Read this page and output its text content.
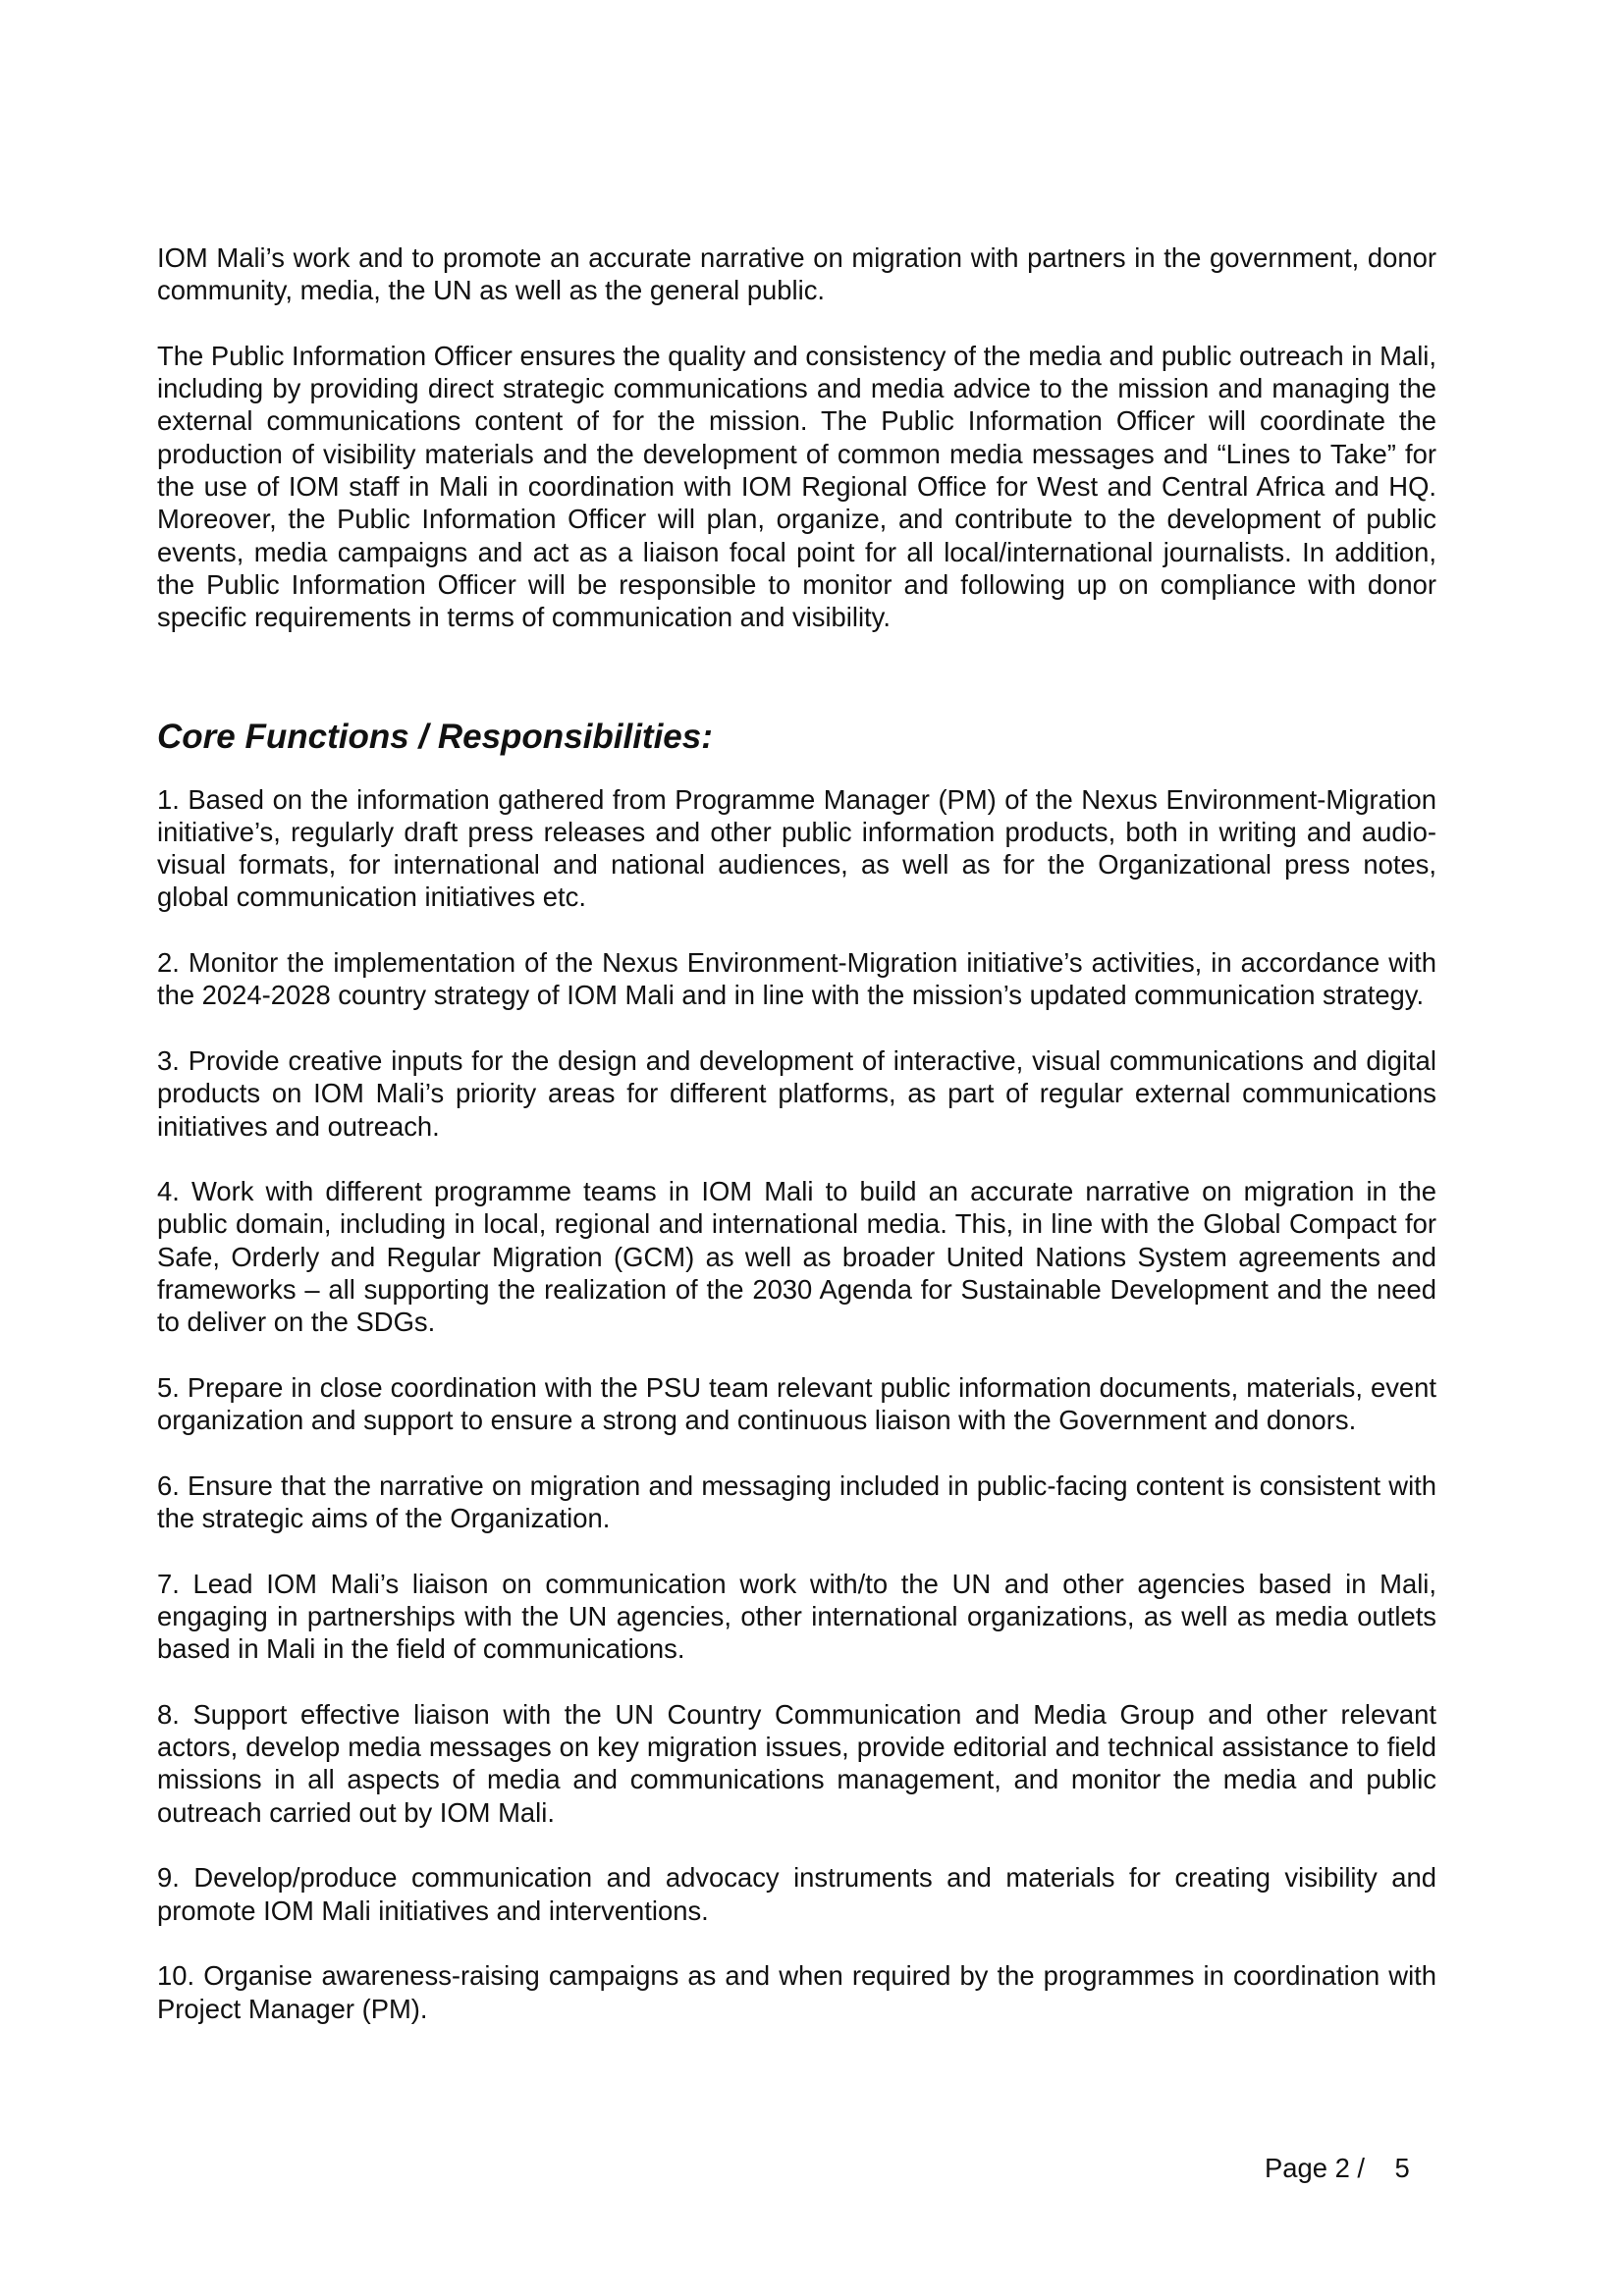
IOM Mali’s work and to promote an accurate narrative on migration with partners in the government, donor community, media, the UN as well as the general public.

The Public Information Officer ensures the quality and consistency of the media and public outreach in Mali, including by providing direct strategic communications and media advice to the mission and managing the external communications content of for the mission. The Public Information Officer will coordinate the production of visibility materials and the development of common media messages and “Lines to Take” for the use of IOM staff in Mali in coordination with IOM Regional Office for West and Central Africa and HQ. Moreover, the Public Information Officer will plan, organize, and contribute to the development of public events, media campaigns and act as a liaison focal point for all local/international journalists. In addition, the Public Information Officer will be responsible to monitor and following up on compliance with donor specific requirements in terms of communication and visibility.

Core Functions / Responsibilities:

1. Based on the information gathered from Programme Manager (PM) of the Nexus Environment-Migration initiative’s, regularly draft press releases and other public information products, both in writing and audio-visual formats, for international and national audiences, as well as for the Organizational press notes, global communication initiatives etc.

2. Monitor the implementation of the Nexus Environment-Migration initiative’s activities, in accordance with the 2024-2028 country strategy of IOM Mali and in line with the mission’s updated communication strategy.

3. Provide creative inputs for the design and development of interactive, visual communications and digital products on IOM Mali’s priority areas for different platforms, as part of regular external communications initiatives and outreach.

4. Work with different programme teams in IOM Mali to build an accurate narrative on migration in the public domain, including in local, regional and international media. This, in line with the Global Compact for Safe, Orderly and Regular Migration (GCM) as well as broader United Nations System agreements and frameworks – all supporting the realization of the 2030 Agenda for Sustainable Development and the need to deliver on the SDGs.

5. Prepare in close coordination with the PSU team relevant public information documents, materials, event organization and support to ensure a strong and continuous liaison with the Government and donors.

6. Ensure that the narrative on migration and messaging included in public-facing content is consistent with the strategic aims of the Organization.

7. Lead IOM Mali’s liaison on communication work with/to the UN and other agencies based in Mali, engaging in partnerships with the UN agencies, other international organizations, as well as media outlets based in Mali in the field of communications.

8. Support effective liaison with the UN Country Communication and Media Group and other relevant actors, develop media messages on key migration issues, provide editorial and technical assistance to field missions in all aspects of media and communications management, and monitor the media and public outreach carried out by IOM Mali.

9. Develop/produce communication and advocacy instruments and materials for creating visibility and promote IOM Mali initiatives and interventions.

10. Organise awareness-raising campaigns as and when required by the programmes in coordination with Project Manager (PM).

Page 2 /    5
